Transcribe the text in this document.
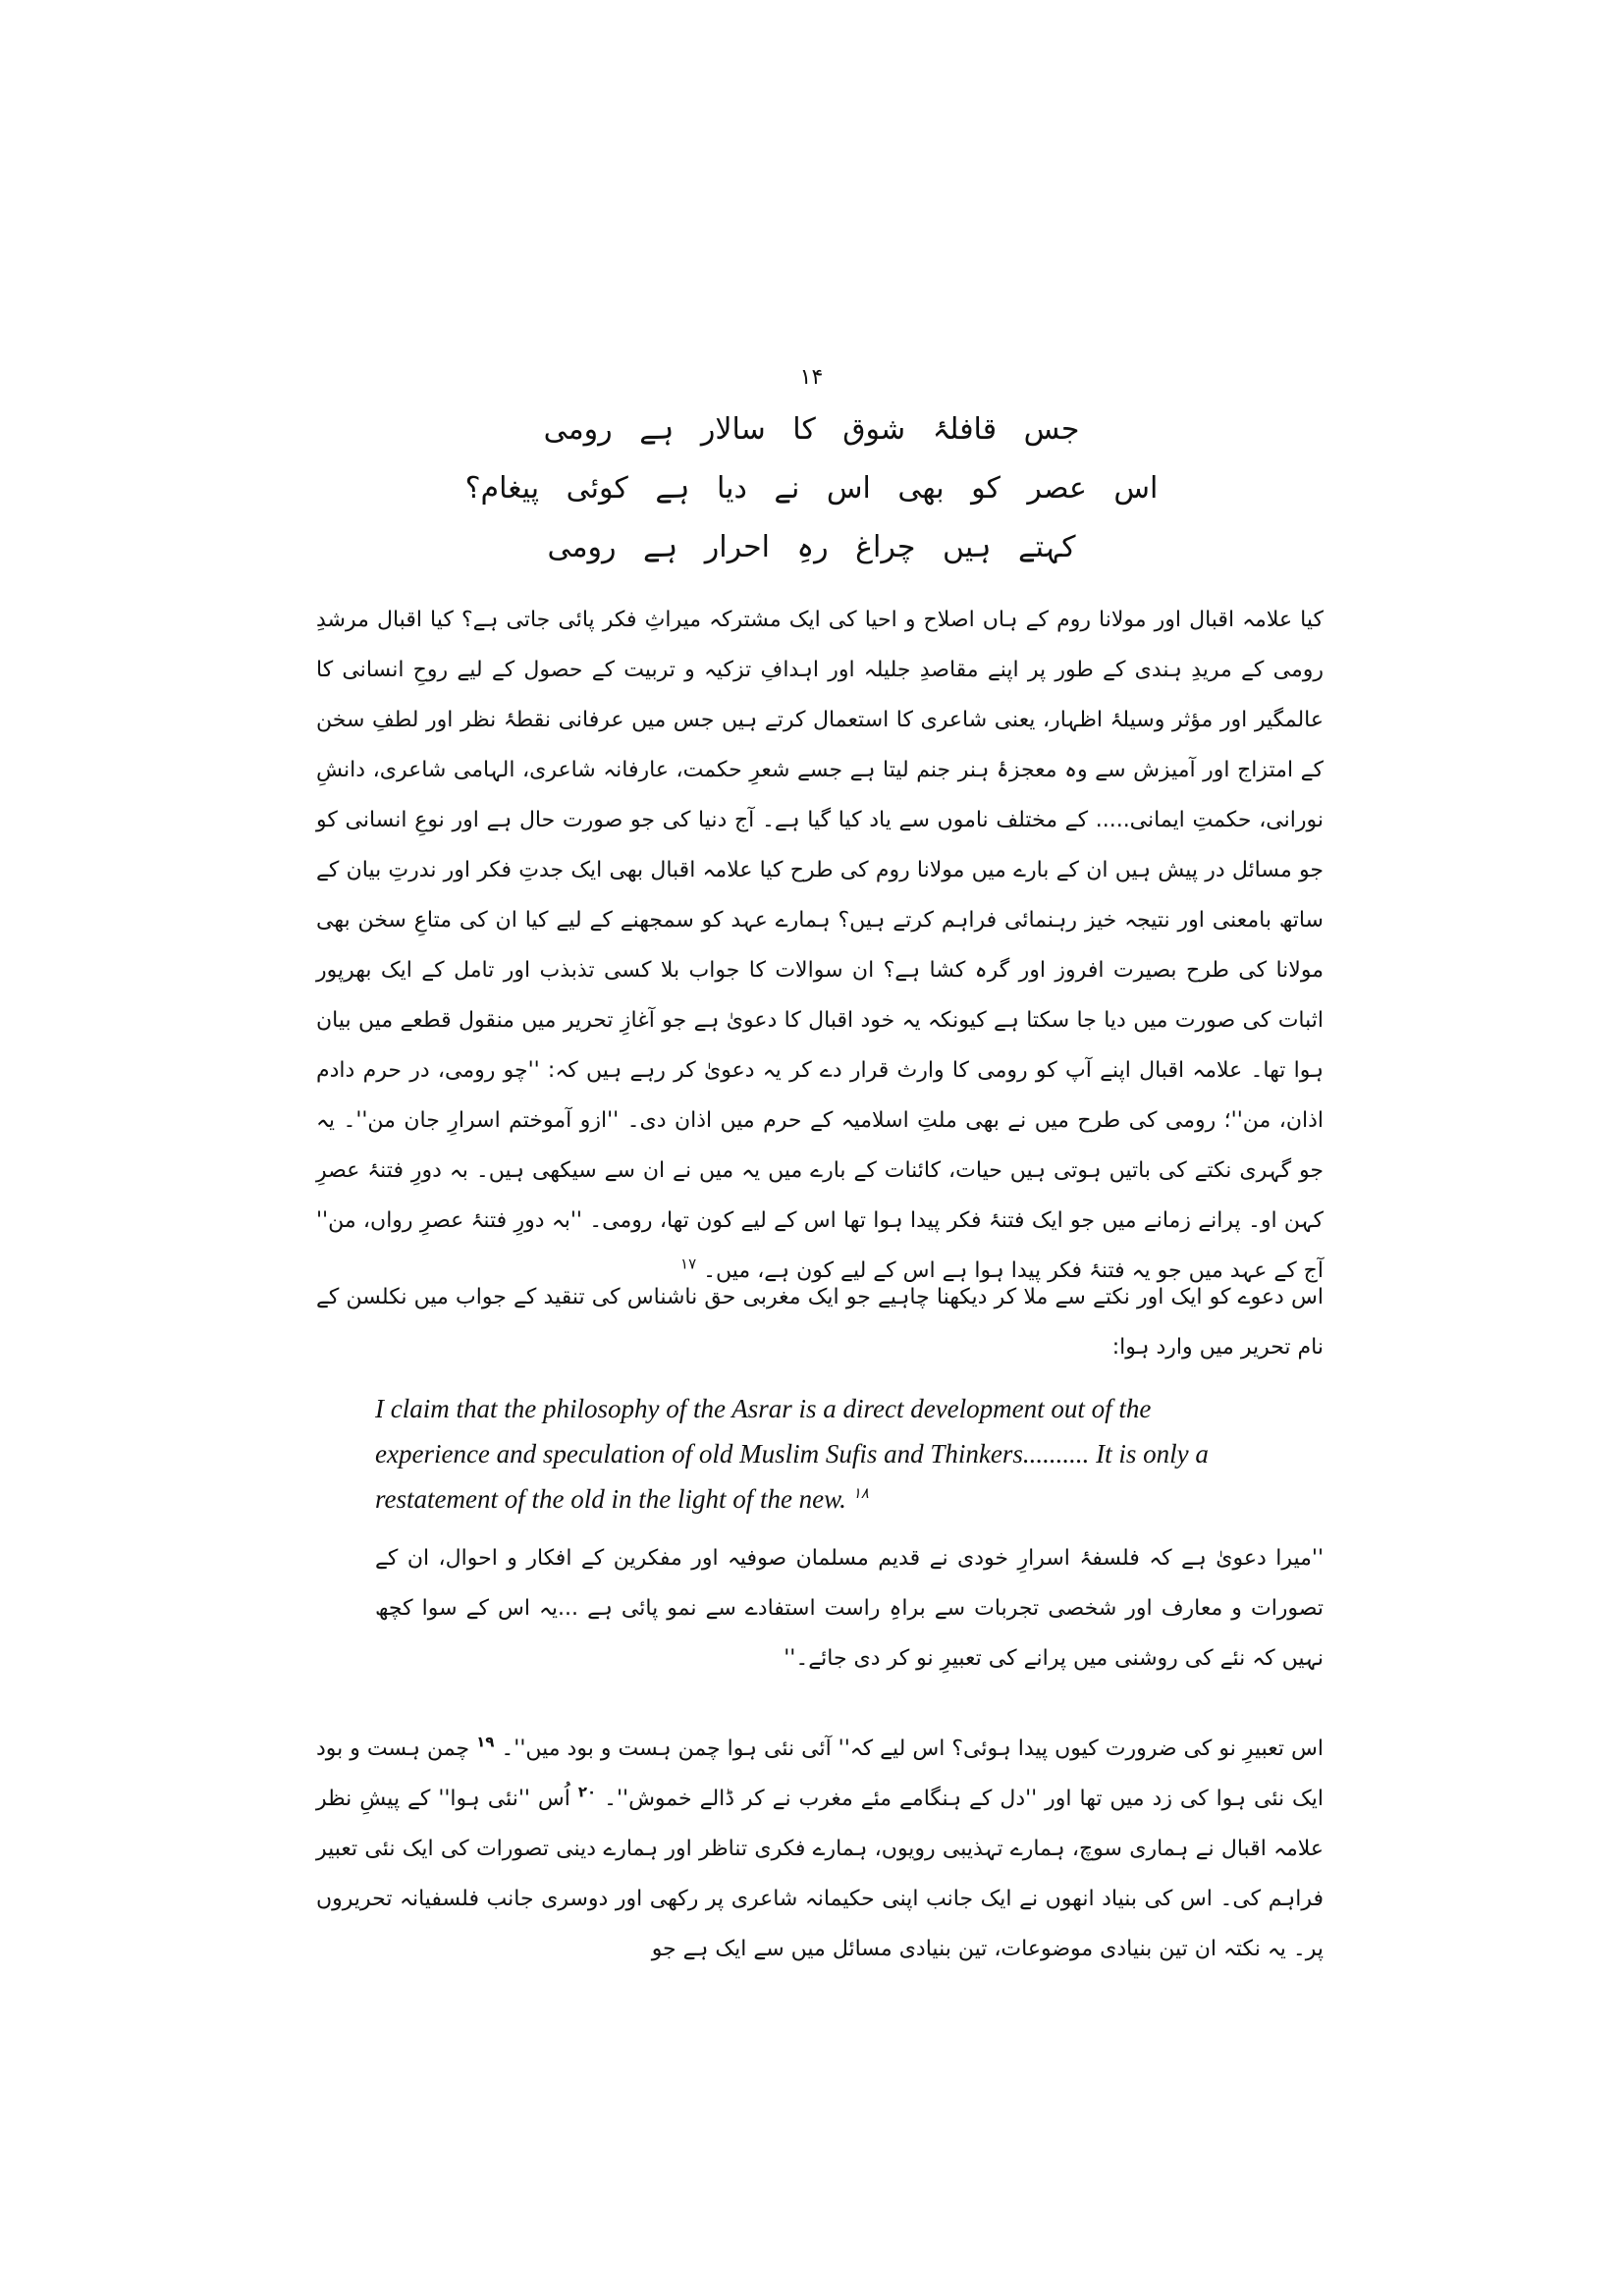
۱۴
جس قافلۂ شوق کا سالار ہے رومی
اس عصر کو بھی اس نے دیا ہے کوئی پیغام؟
کہتے ہیں چراغ رہِ احرار ہے رومی

کیا علامہ اقبال اور مولانا روم کے ہاں اصلاح و احیا کی ایک مشترکہ میراثِ فکر پائی جاتی ہے؟ کیا اقبال مرشدِ رومی کے مریدِ ہندی کے طور پر اپنے مقاصدِ جلیلہ اور اہدافِ تزکیہ و تربیت کے حصول کے لیے روحِ انسانی کا عالمگیر اور مؤثر وسیلۂ اظہار، یعنی شاعری کا استعمال کرتے ہیں جس میں عرفانی نقطۂ نظر اور لطفِ سخن کے امتزاج اور آمیزش سے وہ معجزۂ ہنر جنم لیتا ہے جسے شعرِ حکمت، عارفانہ شاعری، الہامی شاعری، دانشِ نورانی، حکمتِ ایمانی..... کے مختلف ناموں سے یاد کیا گیا ہے۔ آج دنیا کی جو صورت حال ہے اور نوعِ انسانی کو جو مسائل در پیش ہیں ان کے بارے میں مولانا روم کی طرح کیا علامہ اقبال بھی ایک جدتِ فکر اور ندرتِ بیان کے ساتھ بامعنی اور نتیجہ خیز رہنمائی فراہم کرتے ہیں؟ ہمارے عہد کو سمجھنے کے لیے کیا ان کی متاعِ سخن بھی مولانا کی طرح بصیرت افروز اور گرہ کشا ہے؟ ان سوالات کا جواب بلا کسی تذبذب اور تامل کے ایک بھرپور اثبات کی صورت میں دیا جا سکتا ہے کیونکہ یہ خود اقبال کا دعویٰ ہے جو آغازِ تحریر میں منقول قطعے میں بیان ہوا تھا۔ علامہ اقبال اپنے آپ کو رومی کا وارث قرار دے کر یہ دعویٰ کر رہے ہیں کہ: ''چو رومی، در حرم دادم اذان، من''؛ رومی کی طرح میں نے بھی ملتِ اسلامیہ کے حرم میں اذان دی۔ ''ازو آموختم اسرارِ جان من''۔ یہ جو گہری نکتے کی باتیں ہوتی ہیں حیات، کائنات کے بارے میں یہ میں نے ان سے سیکھی ہیں۔ بہ دورِ فتنۂ عصرِ کہن او۔ پرانے زمانے میں جو ایک فتنۂ فکر پیدا ہوا تھا اس کے لیے کون تھا، رومی۔ ''بہ دورِ فتنۂ عصرِ رواں، من'' آج کے عہد میں جو یہ فتنۂ فکر پیدا ہوا ہے اس کے لیے کون ہے، میں۔ $^{۱۷}$

اس دعوے کو ایک اور نکتے سے ملا کر دیکھنا چاہیے جو ایک مغربی حق ناشناس کی تنقید کے جواب میں نکلسن کے نام تحریر میں وارد ہوا:

I claim that the philosophy of the Asrar is a direct development out of the experience and speculation of old Muslim Sufis and Thinkers.......... It is only a restatement of the old in the light of the new. $^{۱۸}$
''میرا دعویٰ ہے کہ فلسفۂ اسرارِ خودی نے قدیم مسلمان صوفیہ اور مفکرین کے افکار و احوال، ان کے تصورات و معارف اور شخصی تجربات سے براہِ راست استفادے سے نمو پائی ہے ...یہ اس کے سوا کچھ نہیں کہ نئے کی روشنی میں پرانے کی تعبیرِ نو کر دی جائے۔''

اس تعبیرِ نو کی ضرورت کیوں پیدا ہوئی؟ اس لیے کہ'' آئی نئی ہوا چمن ہست و بود میں''۔ $^{۱۹}$ چمن ہست و بود ایک نئی ہوا کی زد میں تھا اور ''دل کے ہنگامے مئے مغرب نے کر ڈالے خموش''۔ $^{۲۰}$ اُس ''نئی ہوا'' کے پیشِ نظر علامہ اقبال نے ہماری سوچ، ہمارے تہذیبی رویوں، ہمارے فکری تناظر اور ہمارے دینی تصورات کی ایک نئی تعبیر فراہم کی۔ اس کی بنیاد انھوں نے ایک جانب اپنی حکیمانہ شاعری پر رکھی اور دوسری جانب فلسفیانہ تحریروں پر۔ یہ نکتہ ان تین بنیادی موضوعات، تین بنیادی مسائل میں سے ایک ہے جو
